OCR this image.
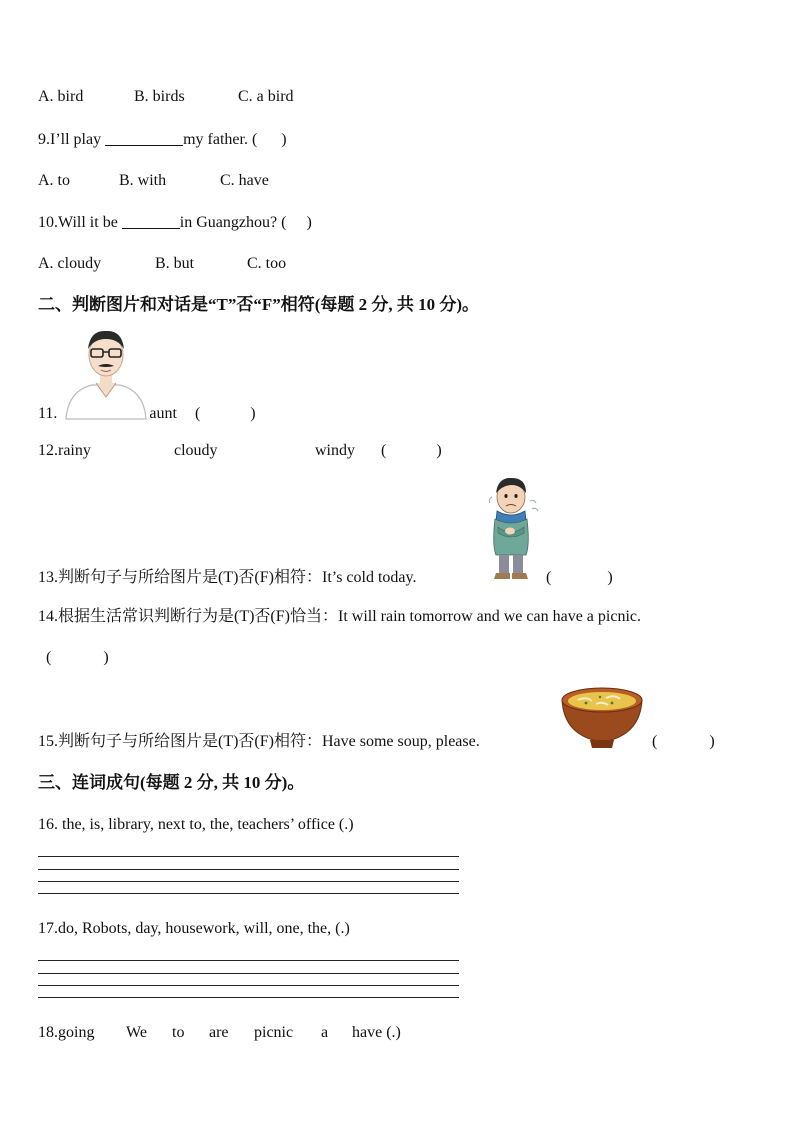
A. bird	B. birds	C. a bird
9.I’ll play	my father. ( )
A. to	B. with	C. have
10.Will it be	in Guangzhou? ( )
A. cloudy	B. but	C. too
二、判断图片和对话是“T”否“F”相符(每题 2 分, 共 10 分)。
11.	aunt (	)
12.rainy	cloudy	windy (	)
13.判断句子与所给图片是(T)否(F)相符：It’s cold today.	(	)
14.根据生活常识判断行为是(T)否(F)恰当：It will rain tomorrow and we can have a picnic.
(	)
15.判断句子与所给图片是(T)否(F)相符：Have some soup, please.	(	)
三、连词成句(每题 2 分, 共 10 分)。
16. the, is, library, next to, the, teachers’ office (.)
17.do, Robots, day, housework, will, one, the, (.)
18.going We to are picnic a have (.)
